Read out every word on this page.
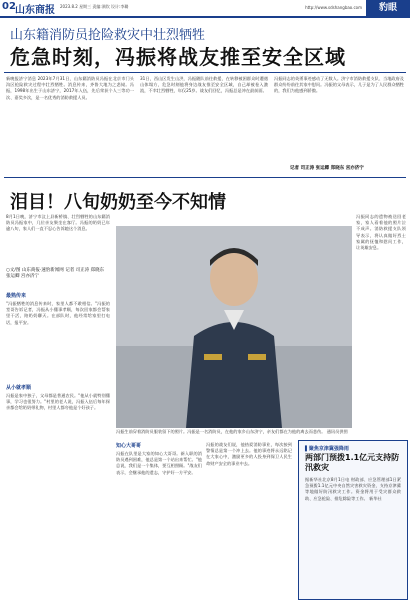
02 山东商报 2023.8.2 星期三 责编:满钦 设计:李璐	http://www.sdshangbao.com	豹眼
山东籍消防员抢险救灾中壮烈牺牲
危急时刻，冯振将战友推至安全区域
新晚报济宁消息 2023年7月31日，山东籍消防员冯振在北京市门头沟区抢险救灾过程中壮烈牺牲。消息传来，齐鲁大地为之悲恸。冯振，1998年出生于山东济宁，2017年入伍，先后荣获个人三等功一次、嘉奖多次，是一名优秀的消防救援人员。
31日，西山区发生山洪，冯振随队前往救援，在转移被困群众时遭遇山体塌方，危急时刻他将身边战友推至安全区域，自己却被卷入激流，不幸壮烈牺牲，年仅25岁。战友们回忆，冯振总是冲在最前面。
冯振同志的英勇事迹感动了无数人。济宁市消防救援支队、当地政府及群众纷纷前往其家中慰问。冯振的父母表示，儿子是为了人民群众牺牲的，我们为他感到骄傲。
记者 司正涛 张运卿 郑晓东 宫亦济宁
泪目！八旬奶奶至今不知情
8月1日晚，济宁市汶上县新桥镇、壮烈牺牲的山东籍消防员冯振家中，几位亲友聚坐在客厅。冯振的奶奶已年逾八旬，家人们一直不忍心告诉她这个消息。
○文/图 山东商报·速豹新闻网 记者 司正涛 郑晓东 张运卿 宫亦济宁
最熟传来
"冯振牺牲的消息传来时，家里人都不敢相信。"冯振的堂哥告诉记者，冯振从小懂事孝顺，每次回家都会帮家里干活，陪奶奶聊天。在部队时，他经常给家里打电话，报平安。
从小就孝顺
冯振是家中独子，父母都是普通农民。"他从小就特别懂事，学习也很努力。"村里的老人说，冯振入伍后每年探亲都会给奶奶带礼物，村里人都夸他是个好孩子。
冯振同志的遗物被送回老家，家人看着他的照片泣不成声。消防救援支队领导表示，将认真做好烈士家属的抚恤和慰问工作，让英雄安息。
冯振生前穿着消防员服装留下的照片。冯振是一名消防员，在他的家乡山东济宁，亲友们都在为他的离去而悲伤。 通讯员供图
知心大哥哥
冯振在队里是大家的知心大哥哥。新入职的消防员遇到困难，他总是第一个站出来帮忙。"他总说，我们是一个集体，要互相照顾。"战友们表示，会继承他的遗志，守护好一方平安。
冯振的战友们说，他热爱消防事业，每次接到警情总是第一个冲上去。他的事迹将永远铭记在大家心中，激励更多的人投身到保卫人民生命财产安全的事业中去。
▌聚焦京津冀强降雨
两部门预拨1.1亿元支持防汛救灾
据新华社北京8月1日电 财政部、应急管理部1日紧急预拨1.1亿元中央自然灾害救灾资金，支持京津冀等地做好防汛救灾工作。资金将用于受灾群众救助、应急抢险、排危除险等工作。 新华社
